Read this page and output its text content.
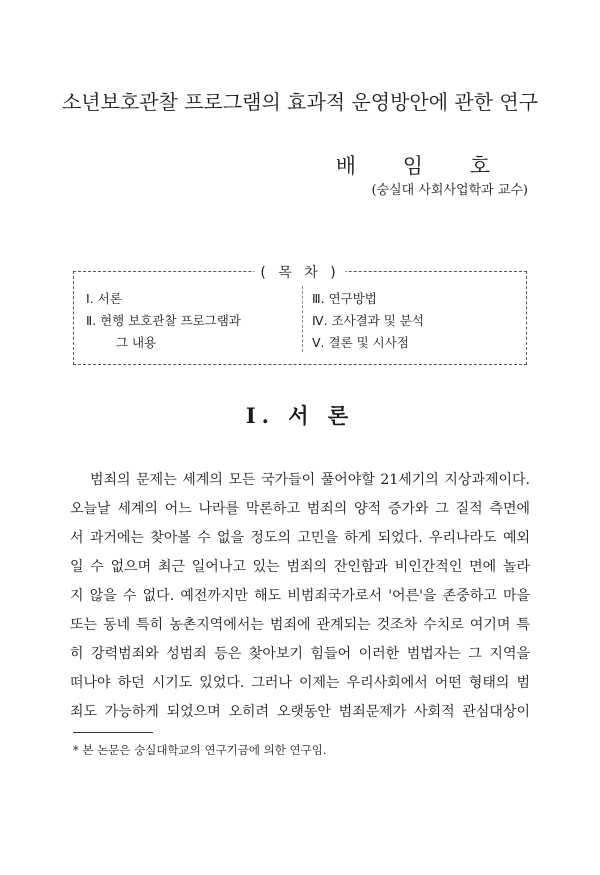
소년보호관찰 프로그램의 효과적 운영방안에 관한 연구
배 임 호
(숭실대 사회사업학과 교수)
( 목 차 )
Ⅰ. 서론
Ⅱ. 현행 보호관찰 프로그램과
그 내용
Ⅲ. 연구방법
Ⅳ. 조사결과 및 분석
Ⅴ. 결론 및 시사점
Ⅰ. 서 론
범죄의 문제는 세계의 모든 국가들이 풀어야할 21세기의 지상과제이다.
오늘날 세계의 어느 나라를 막론하고 범죄의 양적 증가와 그 질적 측면에
서 과거에는 찾아볼 수 없을 정도의 고민을 하게 되었다. 우리나라도 예외
일 수 없으며 최근 일어나고 있는 범죄의 잔인함과 비인간적인 면에 놀라
지 않을 수 없다. 예전까지만 해도 비범죄국가로서 '어른'을 존중하고 마을
또는 동네 특히 농촌지역에서는 범죄에 관계되는 것조차 수치로 여기며 특
히 강력범죄와 성범죄 등은 찾아보기 힘들어 이러한 범법자는 그 지역을
떠나야 하던 시기도 있었다. 그러나 이제는 우리사회에서 어떤 형태의 범
죄도 가능하게 되었으며 오히려 오랫동안 범죄문제가 사회적 관심대상이
* 본 논문은 숭실대학교의 연구기금에 의한 연구임.
